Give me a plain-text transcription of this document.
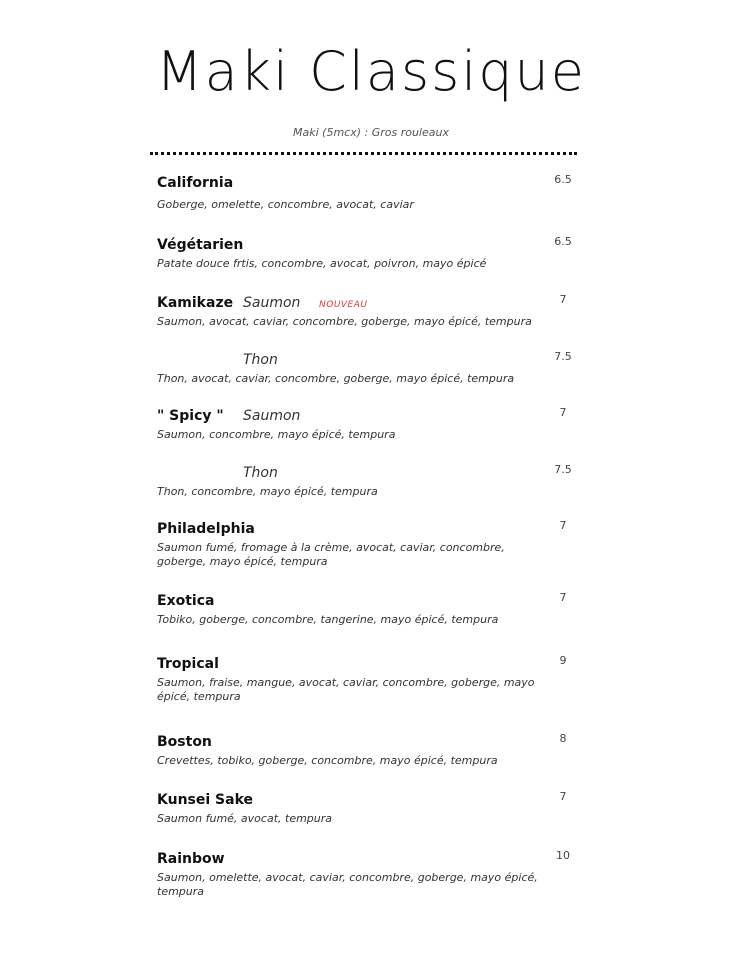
Maki Classique
Maki (5mcx) : Gros rouleaux
California	6.5
Goberge, omelette, concombre, avocat, caviar
Végétarien	6.5
Patate douce frtis, concombre, avocat, poivron, mayo épicé
Kamikaze Saumon NOUVEAU	7
Saumon, avocat, caviar, concombre, goberge, mayo épicé, tempura
Thon	7.5
Thon, avocat, caviar, concombre, goberge, mayo épicé, tempura
" Spicy " Saumon	7
Saumon, concombre, mayo épicé, tempura
Thon	7.5
Thon, concombre, mayo épicé, tempura
Philadelphia	7
Saumon fumé, fromage à la crème, avocat, caviar, concombre, goberge, mayo épicé, tempura
Exotica	7
Tobiko, goberge, concombre, tangerine, mayo épicé, tempura
Tropical	9
Saumon, fraise, mangue, avocat, caviar, concombre, goberge, mayo épicé, tempura
Boston	8
Crevettes, tobiko, goberge, concombre, mayo épicé, tempura
Kunsei Sake	7
Saumon fumé, avocat, tempura
Rainbow	10
Saumon, omelette, avocat, caviar, concombre, goberge, mayo épicé, tempura
